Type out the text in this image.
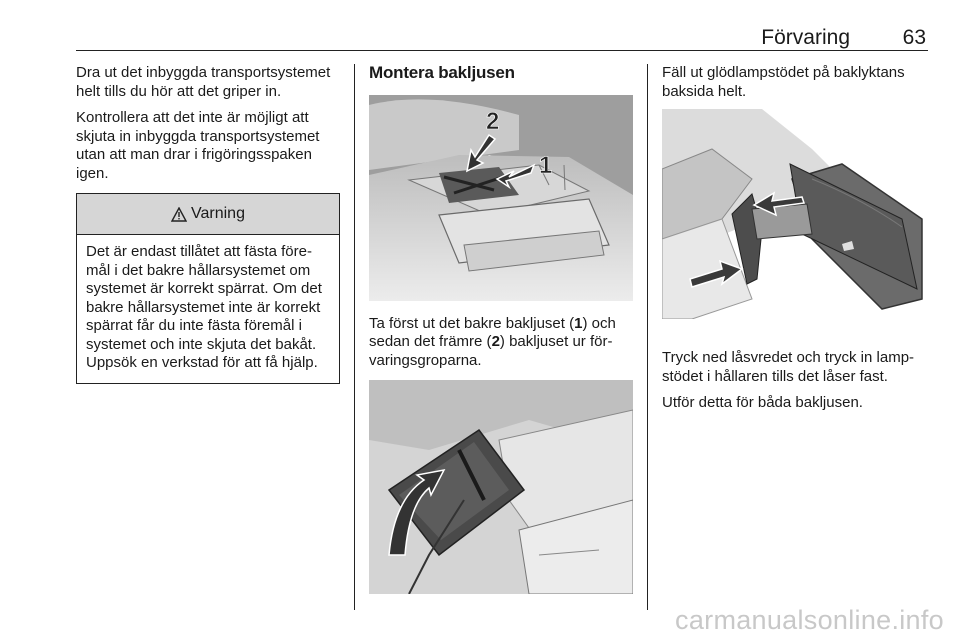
Förvaring	63

Dra ut det inbyggda transportsystemet helt tills du hör att det griper in.

Kontrollera att det inte är möjligt att skjuta in inbyggda transportsystemet utan att man drar i frigöringsspaken igen.

Varning
Det är endast tillåtet att fästa föremål i det bakre hållarsystemet om systemet är korrekt spärrat. Om det bakre hållarsystemet inte är korrekt spärrat får du inte fästa föremål i systemet och inte skjuta det bakåt. Uppsök en verkstad för att få hjälp.
Montera bakljusen
1
2

Ta först ut det bakre bakljuset (1) och sedan det främre (2) bakljuset ur förvaringsgroparna.

Fäll ut glödlampstödet på baklyktans baksida helt.

Tryck ned låsvredet och tryck in lampstödet i hållaren tills det låser fast.

Utför detta för båda bakljusen.

carmanualsonline.info
